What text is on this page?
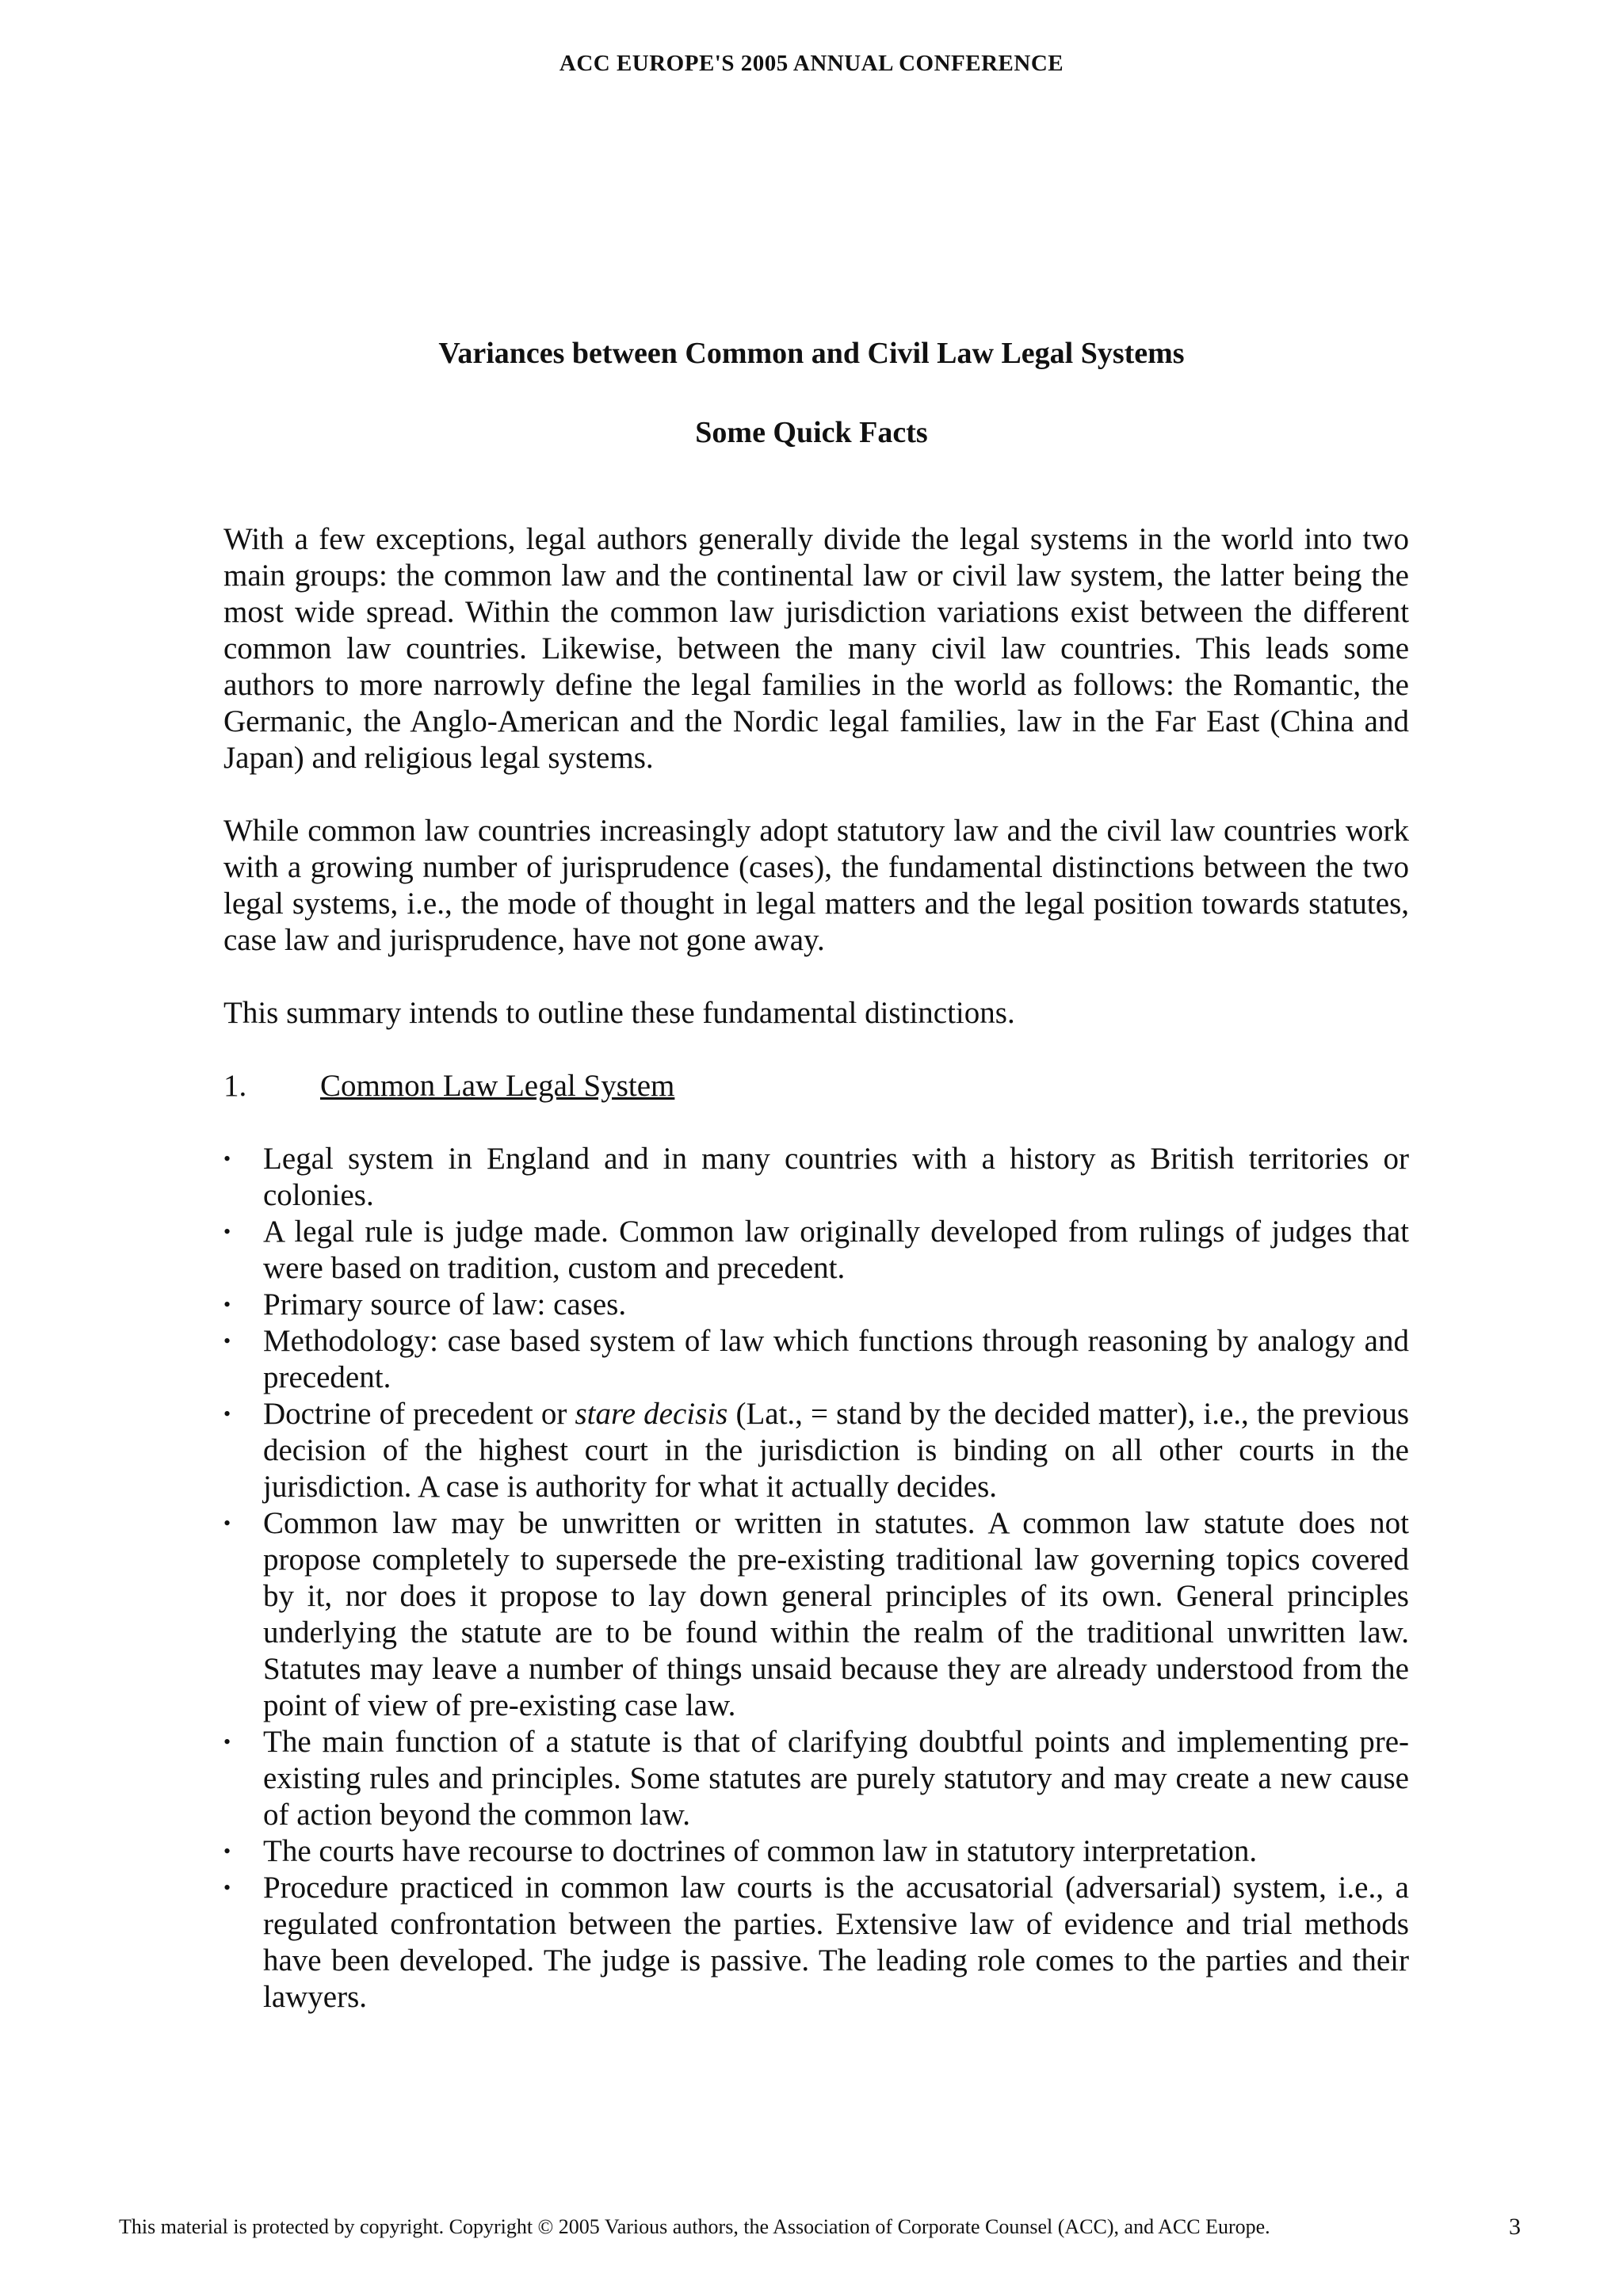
ACC EUROPE'S 2005 ANNUAL CONFERENCE
Variances between Common and Civil Law Legal Systems
Some Quick Facts

With a few exceptions, legal authors generally divide the legal systems in the world into two main groups: the common law and the continental law or civil law system, the latter being the most wide spread. Within the common law jurisdiction variations exist between the different common law countries. Likewise, between the many civil law countries. This leads some authors to more narrowly define the legal families in the world as follows: the Romantic, the Germanic, the Anglo-American and the Nordic legal families, law in the Far East (China and Japan) and religious legal systems.

While common law countries increasingly adopt statutory law and the civil law countries work with a growing number of jurisprudence (cases), the fundamental distinctions between the two legal systems, i.e., the mode of thought in legal matters and the legal position towards statutes, case law and jurisprudence, have not gone away.

This summary intends to outline these fundamental distinctions.

1. Common Law Legal System
• Legal system in England and in many countries with a history as British territories or colonies.
• A legal rule is judge made. Common law originally developed from rulings of judges that were based on tradition, custom and precedent.
• Primary source of law: cases.
• Methodology: case based system of law which functions through reasoning by analogy and precedent.
• Doctrine of precedent or stare decisis (Lat., = stand by the decided matter), i.e., the previous decision of the highest court in the jurisdiction is binding on all other courts in the jurisdiction. A case is authority for what it actually decides.
• Common law may be unwritten or written in statutes. A common law statute does not propose completely to supersede the pre-existing traditional law governing topics covered by it, nor does it propose to lay down general principles of its own. General principles underlying the statute are to be found within the realm of the traditional unwritten law. Statutes may leave a number of things unsaid because they are already understood from the point of view of pre-existing case law.
• The main function of a statute is that of clarifying doubtful points and implementing pre-existing rules and principles. Some statutes are purely statutory and may create a new cause of action beyond the common law.
• The courts have recourse to doctrines of common law in statutory interpretation.
• Procedure practiced in common law courts is the accusatorial (adversarial) system, i.e., a regulated confrontation between the parties. Extensive law of evidence and trial methods have been developed. The judge is passive. The leading role comes to the parties and their lawyers.
This material is protected by copyright. Copyright © 2005 Various authors, the Association of Corporate Counsel (ACC), and ACC Europe.	3
